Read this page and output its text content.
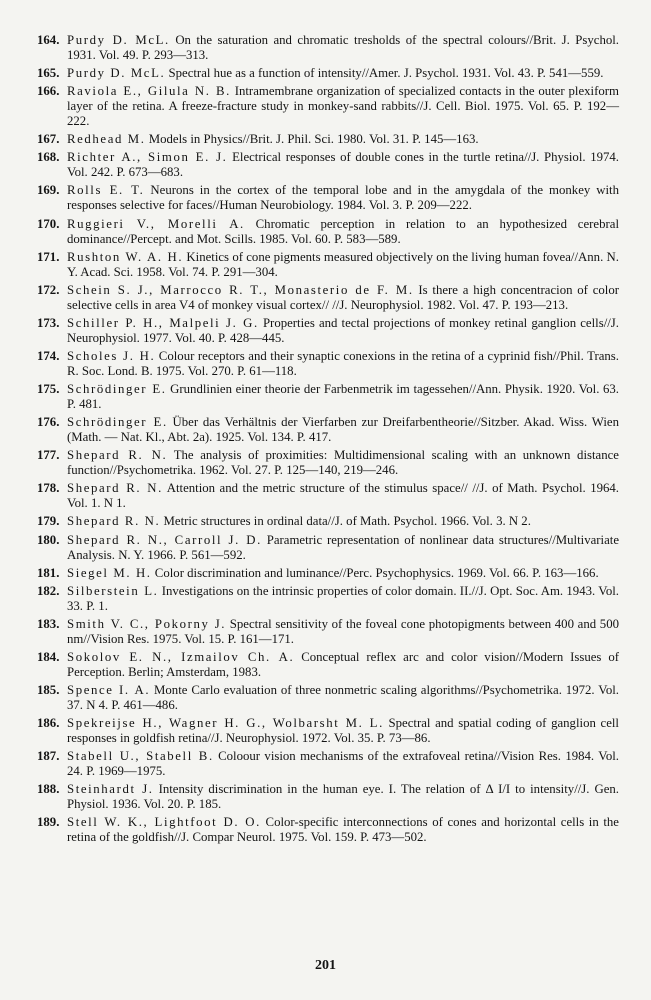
164. Purdy D. McL. On the saturation and chromatic tresholds of the spectral colours//Brit. J. Psychol. 1931. Vol. 49. P. 293—313.
165. Purdy D. McL. Spectral hue as a function of intensity//Amer. J. Psychol. 1931. Vol. 43. P. 541—559.
166. Raviola E., Gilula N. B. Intramembrane organization of specialized contacts in the outer plexiform layer of the retina. A freeze-fracture study in monkey-sand rabbits//J. Cell. Biol. 1975. Vol. 65. P. 192—222.
167. Redhead M. Models in Physics//Brit. J. Phil. Sci. 1980. Vol. 31. P. 145—163.
168. Richter A., Simon E. J. Electrical responses of double cones in the turtle retina//J. Physiol. 1974. Vol. 242. P. 673—683.
169. Rolls E. T. Neurons in the cortex of the temporal lobe and in the amygdala of the monkey with responses selective for faces//Human Neurobiology. 1984. Vol. 3. P. 209—222.
170. Ruggieri V., Morelli A. Chromatic perception in relation to an hypothesized cerebral dominance//Percept. and Mot. Scills. 1985. Vol. 60. P. 583—589.
171. Rushton W. A. H. Kinetics of cone pigments measured objectively on the living human fovea//Ann. N. Y. Acad. Sci. 1958. Vol. 74. P. 291—304.
172. Schein S. J., Marrocco R. T., Monasterio de F. M. Is there a high concentracion of color selective cells in area V4 of monkey visual cortex// //J. Neurophysiol. 1982. Vol. 47. P. 193—213.
173. Schiller P. H., Malpeli J. G. Properties and tectal projections of monkey retinal ganglion cells//J. Neurophysiol. 1977. Vol. 40. P. 428—445.
174. Scholes J. H. Colour receptors and their synaptic conexions in the retina of a cyprinid fish//Phil. Trans. R. Soc. Lond. B. 1975. Vol. 270. P. 61—118.
175. Schrödinger E. Grundlinien einer theorie der Farbenmetrik im tagessehen//Ann. Physik. 1920. Vol. 63. P. 481.
176. Schrödinger E. Über das Verhältnis der Vierfarben zur Dreifarbentheorie//Sitzber. Akad. Wiss. Wien (Math. — Nat. Kl., Abt. 2a). 1925. Vol. 134. P. 417.
177. Shepard R. N. The analysis of proximities: Multidimensional scaling with an unknown distance function//Psychometrika. 1962. Vol. 27. P. 125—140, 219—246.
178. Shepard R. N. Attention and the metric structure of the stimulus space// //J. of Math. Psychol. 1964. Vol. 1. N 1.
179. Shepard R. N. Metric structures in ordinal data//J. of Math. Psychol. 1966. Vol. 3. N 2.
180. Shepard R. N., Carroll J. D. Parametric representation of nonlinear data structures//Multivariate Analysis. N. Y. 1966. P. 561—592.
181. Siegel M. H. Color discrimination and luminance//Perc. Psychophysics. 1969. Vol. 66. P. 163—166.
182. Silberstein L. Investigations on the intrinsic properties of color domain. II.//J. Opt. Soc. Am. 1943. Vol. 33. P. 1.
183. Smith V. C., Pokorny J. Spectral sensitivity of the foveal cone photopigments between 400 and 500 nm//Vision Res. 1975. Vol. 15. P. 161—171.
184. Sokolov E. N., Izmailov Ch. A. Conceptual reflex arc and color vision//Modern Issues of Perception. Berlin; Amsterdam, 1983.
185. Spence I. A. Monte Carlo evaluation of three nonmetric scaling algorithms//Psychometrika. 1972. Vol. 37. N 4. P. 461—486.
186. Spekreijse H., Wagner H. G., Wolbarsht M. L. Spectral and spatial coding of ganglion cell responses in goldfish retina//J. Neurophysiol. 1972. Vol. 35. P. 73—86.
187. Stabell U., Stabell B. Coloour vision mechanisms of the extrafoveal retina//Vision Res. 1984. Vol. 24. P. 1969—1975.
188. Steinhardt J. Intensity discrimination in the human eye. I. The relation of Δ I/I to intensity//J. Gen. Physiol. 1936. Vol. 20. P. 185.
189. Stell W. K., Lightfoot D. O. Color-specific interconnections of cones and horizontal cells in the retina of the goldfish//J. Compar Neurol. 1975. Vol. 159. P. 473—502.
201
